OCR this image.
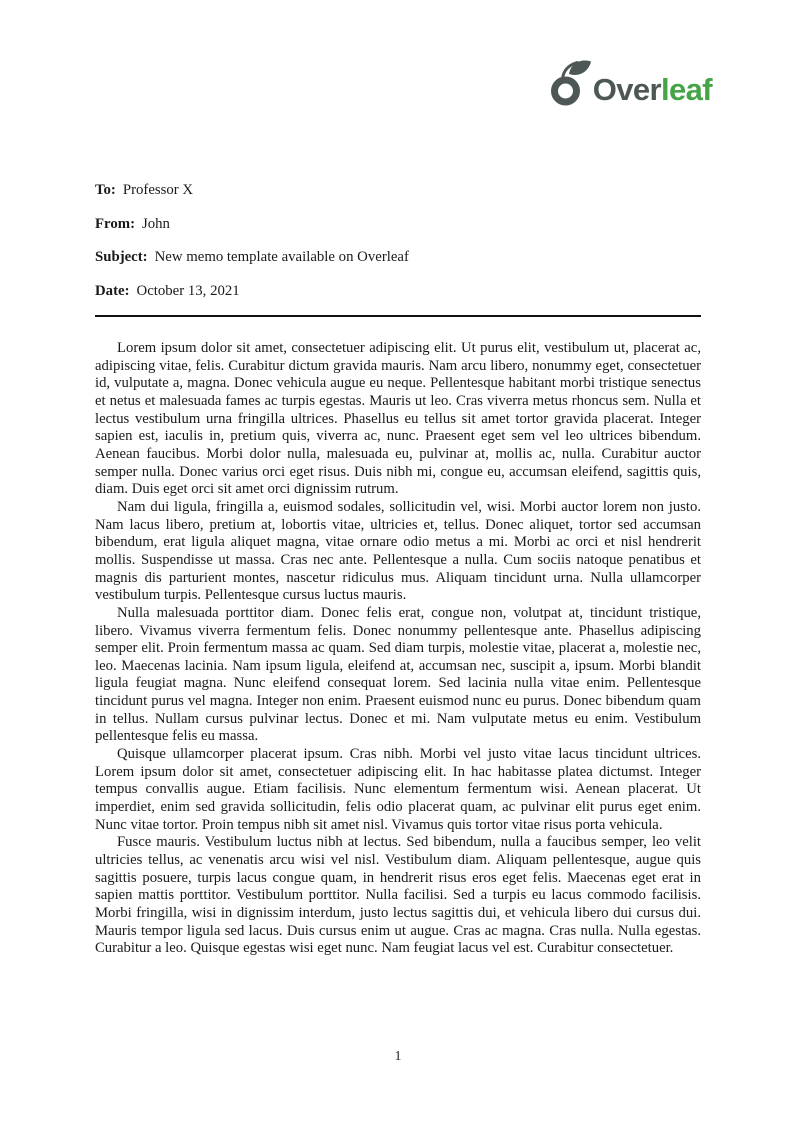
Over leaf
To: Professor X
From: John
Subject: New memo template available on Overleaf
Date: October 13, 2021

Lorem ipsum dolor sit amet, consectetuer adipiscing elit. Ut purus elit, vestibulum ut, placerat ac, adipiscing vitae, felis. Curabitur dictum gravida mauris. Nam arcu libero, nonummy eget, consectetuer id, vulputate a, magna. Donec vehicula augue eu neque. Pellentesque habitant morbi tristique senectus et netus et malesuada fames ac turpis egestas. Mauris ut leo. Cras viverra metus rhoncus sem. Nulla et lectus vestibulum urna fringilla ultrices. Phasellus eu tellus sit amet tortor gravida placerat. Integer sapien est, iaculis in, pretium quis, viverra ac, nunc. Praesent eget sem vel leo ultrices bibendum. Aenean faucibus. Morbi dolor nulla, malesuada eu, pulvinar at, mollis ac, nulla. Curabitur auctor semper nulla. Donec varius orci eget risus. Duis nibh mi, congue eu, accumsan eleifend, sagittis quis, diam. Duis eget orci sit amet orci dignissim rutrum.

Nam dui ligula, fringilla a, euismod sodales, sollicitudin vel, wisi. Morbi auctor lorem non justo. Nam lacus libero, pretium at, lobortis vitae, ultricies et, tellus. Donec aliquet, tortor sed accumsan bibendum, erat ligula aliquet magna, vitae ornare odio metus a mi. Morbi ac orci et nisl hendrerit mollis. Suspendisse ut massa. Cras nec ante. Pellentesque a nulla. Cum sociis natoque penatibus et magnis dis parturient montes, nascetur ridiculus mus. Aliquam tincidunt urna. Nulla ullamcorper vestibulum turpis. Pellentesque cursus luctus mauris.

Nulla malesuada porttitor diam. Donec felis erat, congue non, volutpat at, tincidunt tristique, libero. Vivamus viverra fermentum felis. Donec nonummy pellentesque ante. Phasellus adipiscing semper elit. Proin fermentum massa ac quam. Sed diam turpis, molestie vitae, placerat a, molestie nec, leo. Maecenas lacinia. Nam ipsum ligula, eleifend at, accumsan nec, suscipit a, ipsum. Morbi blandit ligula feugiat magna. Nunc eleifend consequat lorem. Sed lacinia nulla vitae enim. Pellentesque tincidunt purus vel magna. Integer non enim. Praesent euismod nunc eu purus. Donec bibendum quam in tellus. Nullam cursus pulvinar lectus. Donec et mi. Nam vulputate metus eu enim. Vestibulum pellentesque felis eu massa.

Quisque ullamcorper placerat ipsum. Cras nibh. Morbi vel justo vitae lacus tincidunt ultrices. Lorem ipsum dolor sit amet, consectetuer adipiscing elit. In hac habitasse platea dictumst. Integer tempus convallis augue. Etiam facilisis. Nunc elementum fermentum wisi. Aenean placerat. Ut imperdiet, enim sed gravida sollicitudin, felis odio placerat quam, ac pulvinar elit purus eget enim. Nunc vitae tortor. Proin tempus nibh sit amet nisl. Vivamus quis tortor vitae risus porta vehicula.

Fusce mauris. Vestibulum luctus nibh at lectus. Sed bibendum, nulla a faucibus semper, leo velit ultricies tellus, ac venenatis arcu wisi vel nisl. Vestibulum diam. Aliquam pellentesque, augue quis sagittis posuere, turpis lacus congue quam, in hendrerit risus eros eget felis. Maecenas eget erat in sapien mattis porttitor. Vestibulum porttitor. Nulla facilisi. Sed a turpis eu lacus commodo facilisis. Morbi fringilla, wisi in dignissim interdum, justo lectus sagittis dui, et vehicula libero dui cursus dui. Mauris tempor ligula sed lacus. Duis cursus enim ut augue. Cras ac magna. Cras nulla. Nulla egestas. Curabitur a leo. Quisque egestas wisi eget nunc. Nam feugiat lacus vel est. Curabitur consectetuer.

1
